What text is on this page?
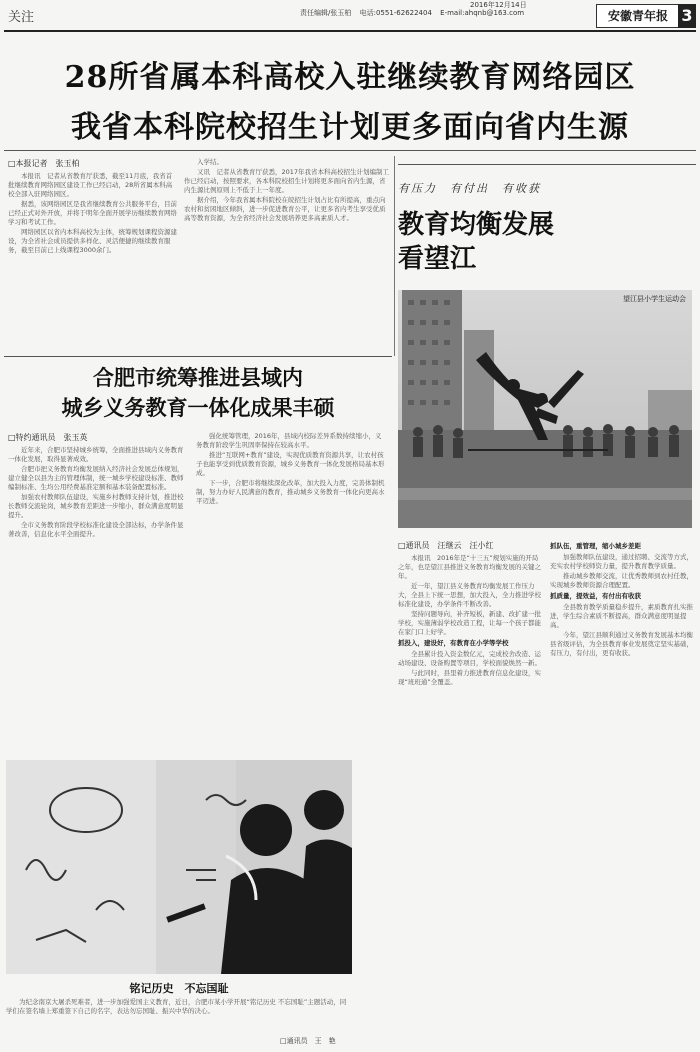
关注	责任编辑/张玉柏 电话:0551-62622404 E-mail:ahqnb@163.com
2016年12月14日
安徽青年报 3
28所省属本科高校入驻继续教育网络园区
我省本科院校招生计划更多面向省内生源
□本报记者　张玉柏

本报讯　记者从省教育厅获悉，截至11月底，我省首批继续教育网络园区建设工作已经启动，28所省属本科高校全部入驻网络园区。

据悉，该网络园区是我省继续教育公共服务平台，目前已经正式对外开放，并将于明年全面开展学历继续教育网络学习和考试工作。

网络园区以省内本科高校为主体，统筹规划课程资源建设，为全省社会成员提供多样化、灵活便捷的继续教育服务，截至目前已上线课程3000余门。

入学结。

又讯　记者从省教育厅获悉，2017年我省本科高校招生计划编制工作已经启动，按照要求，各本科院校招生计划将更多面向省内生源，省内生源比例原则上不低于上一年度。

据介绍，今年我省属本科院校在皖招生计划占比有所提高，重点向农村和贫困地区倾斜，进一步促进教育公平，让更多省内考生享受优质高等教育资源，为全省经济社会发展培养更多高素质人才。

合肥市统筹推进县域内
城乡义务教育一体化成果丰硕
□特约通讯员　张玉英

近年来，合肥市坚持城乡统筹，全面推进县域内义务教育一体化发展，取得显著成效。

合肥市把义务教育均衡发展纳入经济社会发展总体规划，建立健全以县为主的管理体制，统一城乡学校建设标准、教师编制标准、生均公用经费基准定额和基本装备配置标准。

加强农村教师队伍建设，实施乡村教师支持计划，推进校长教师交流轮岗，城乡教育差距进一步缩小，群众满意度明显提升。

全市义务教育阶段学校标准化建设全部达标，办学条件显著改善，信息化水平全面提升。

强化统筹管理，2016年，县域内校际差异系数持续缩小，义务教育阶段学生巩固率保持在较高水平。

推进“互联网+教育”建设，实现优质教育资源共享，让农村孩子也能享受到优质教育资源，城乡义务教育一体化发展格局基本形成。

下一步，合肥市将继续深化改革，加大投入力度，完善体制机制，努力办好人民满意的教育，推动城乡义务教育一体化向更高水平迈进。

有压力　有付出　有收获
教育均衡发展
看望江
望江县小学生运动会
□通讯员　汪继云　汪小红

本报讯　2016年是“十三五”规划实施的开局之年，也是望江县推进义务教育均衡发展的关键之年。

近一年，望江县义务教育均衡发展工作压力大，全县上下统一思想，加大投入，全力推进学校标准化建设，办学条件不断改善。

坚持问题导向，补齐短板，新建、改扩建一批学校，实施薄弱学校改造工程，让每一个孩子都能在家门口上好学。

抓投入，建设好，有教育在小学等学校

全县累计投入资金数亿元，完成校舍改造、运动场建设、设备购置等项目，学校面貌焕然一新。

与此同时，县里着力推进教育信息化建设，实现“班班通”全覆盖。

抓队伍，重管理，缩小城乡差距

加强教师队伍建设，通过招聘、交流等方式，充实农村学校师资力量，提升教育教学质量。

推动城乡教师交流，让优秀教师到农村任教，实现城乡教师资源合理配置。

抓质量，提效益，有付出有收获

全县教育教学质量稳步提升，素质教育扎实推进，学生综合素质不断提高，群众满意度明显提高。

今年，望江县顺利通过义务教育发展基本均衡县省级评估，为全县教育事业发展奠定坚实基础，有压力，有付出，更有收获。

铭记历史　不忘国耻

为纪念南京大屠杀死难者，进一步加强爱国主义教育，近日，合肥市某小学开展“铭记历史 不忘国耻”主题活动，同学们在签名墙上郑重签下自己的名字，表达勿忘国耻、振兴中华的决心。

□通讯员　王　艳
